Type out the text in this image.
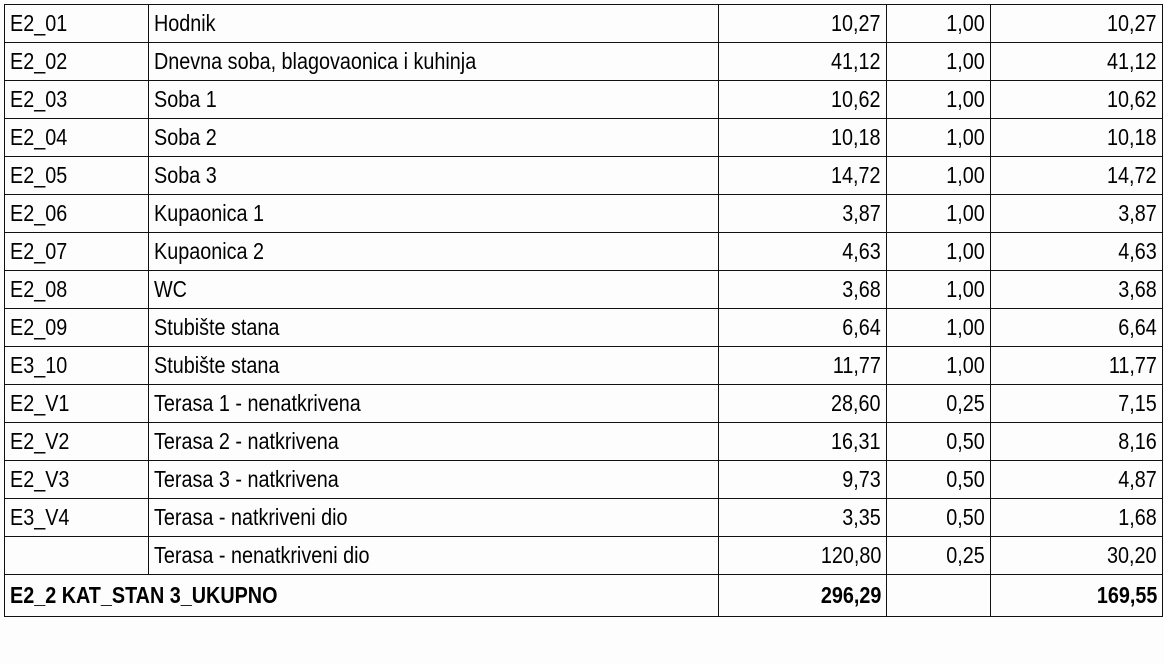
E2_01	Hodnik	10,27	1,00	10,27
E2_02	Dnevna soba, blagovaonica i kuhinja	41,12	1,00	41,12
E2_03	Soba 1	10,62	1,00	10,62
E2_04	Soba 2	10,18	1,00	10,18
E2_05	Soba 3	14,72	1,00	14,72
E2_06	Kupaonica 1	3,87	1,00	3,87
E2_07	Kupaonica 2	4,63	1,00	4,63
E2_08	WC	3,68	1,00	3,68
E2_09	Stubište stana	6,64	1,00	6,64
E3_10	Stubište stana	11,77	1,00	11,77
E2_V1	Terasa 1 - nenatkrivena	28,60	0,25	7,15
E2_V2	Terasa 2 - natkrivena	16,31	0,50	8,16
E2_V3	Terasa 3 - natkrivena	9,73	0,50	4,87
E3_V4	Terasa - natkriveni dio	3,35	0,50	1,68
	Terasa - nenatkriveni dio	120,80	0,25	30,20
E2_2 KAT_STAN 3_UKUPNO		296,29		169,55
